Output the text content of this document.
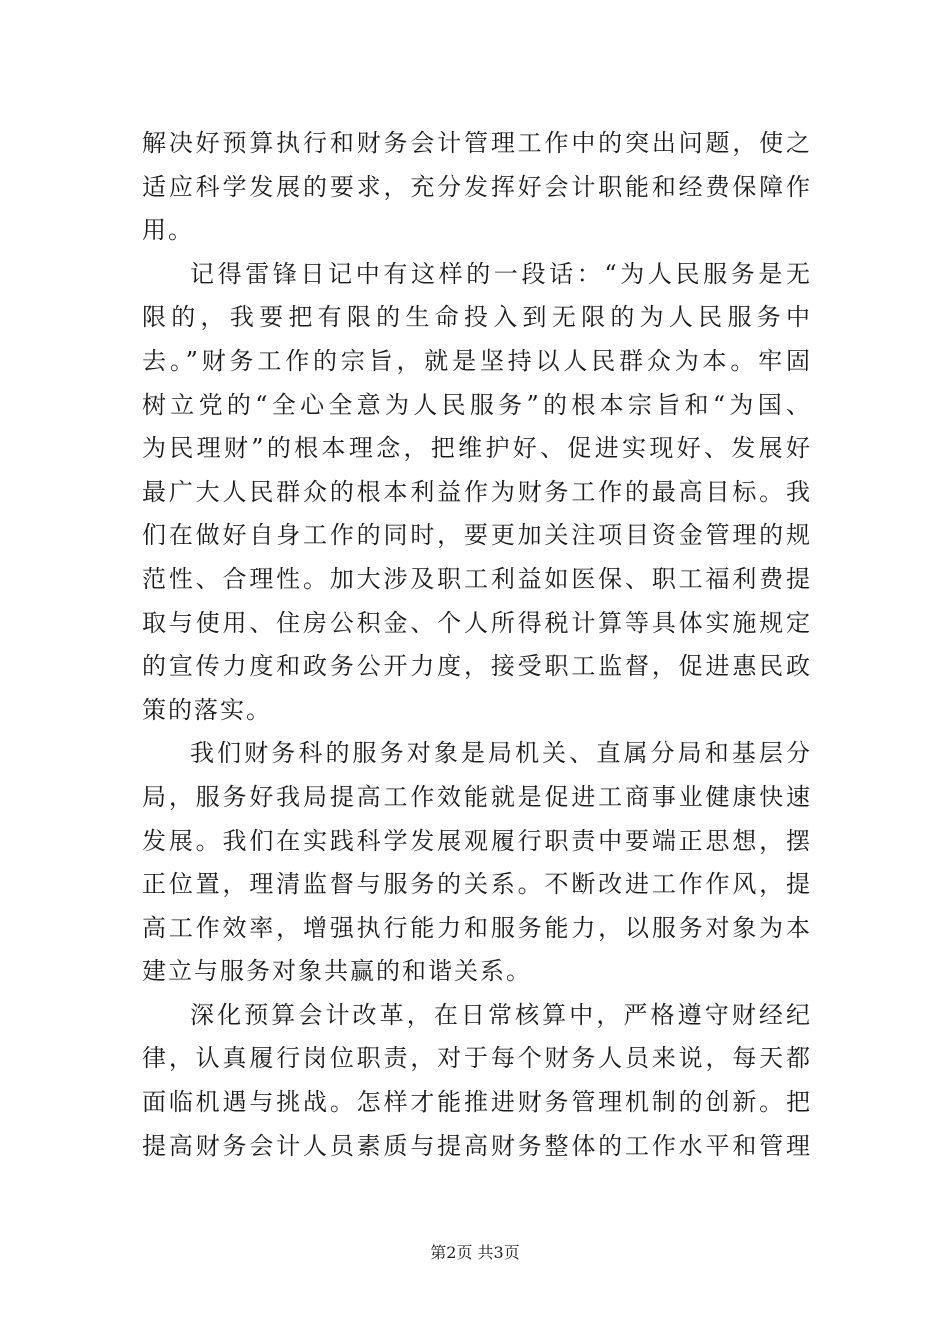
解决好预算执行和财务会计管理工作中的突出问题，使之
适应科学发展的要求，充分发挥好会计职能和经费保障作
用。
记得雷锋日记中有这样的一段话：“为人民服务是无
限的，我要把有限的生命投入到无限的为人民服务中
去。”财务工作的宗旨，就是坚持以人民群众为本。牢固
树立党的“全心全意为人民服务”的根本宗旨和“为国、
为民理财”的根本理念，把维护好、促进实现好、发展好
最广大人民群众的根本利益作为财务工作的最高目标。我
们在做好自身工作的同时，要更加关注项目资金管理的规
范性、合理性。加大涉及职工利益如医保、职工福利费提
取与使用、住房公积金、个人所得税计算等具体实施规定
的宣传力度和政务公开力度，接受职工监督，促进惠民政
策的落实。
我们财务科的服务对象是局机关、直属分局和基层分
局，服务好我局提高工作效能就是促进工商事业健康快速
发展。我们在实践科学发展观履行职责中要端正思想，摆
正位置，理清监督与服务的关系。不断改进工作作风，提
高工作效率，增强执行能力和服务能力，以服务对象为本
建立与服务对象共赢的和谐关系。
深化预算会计改革，在日常核算中，严格遵守财经纪
律，认真履行岗位职责，对于每个财务人员来说，每天都
面临机遇与挑战。怎样才能推进财务管理机制的创新。把
提高财务会计人员素质与提高财务整体的工作水平和管理
第2页 共3页
